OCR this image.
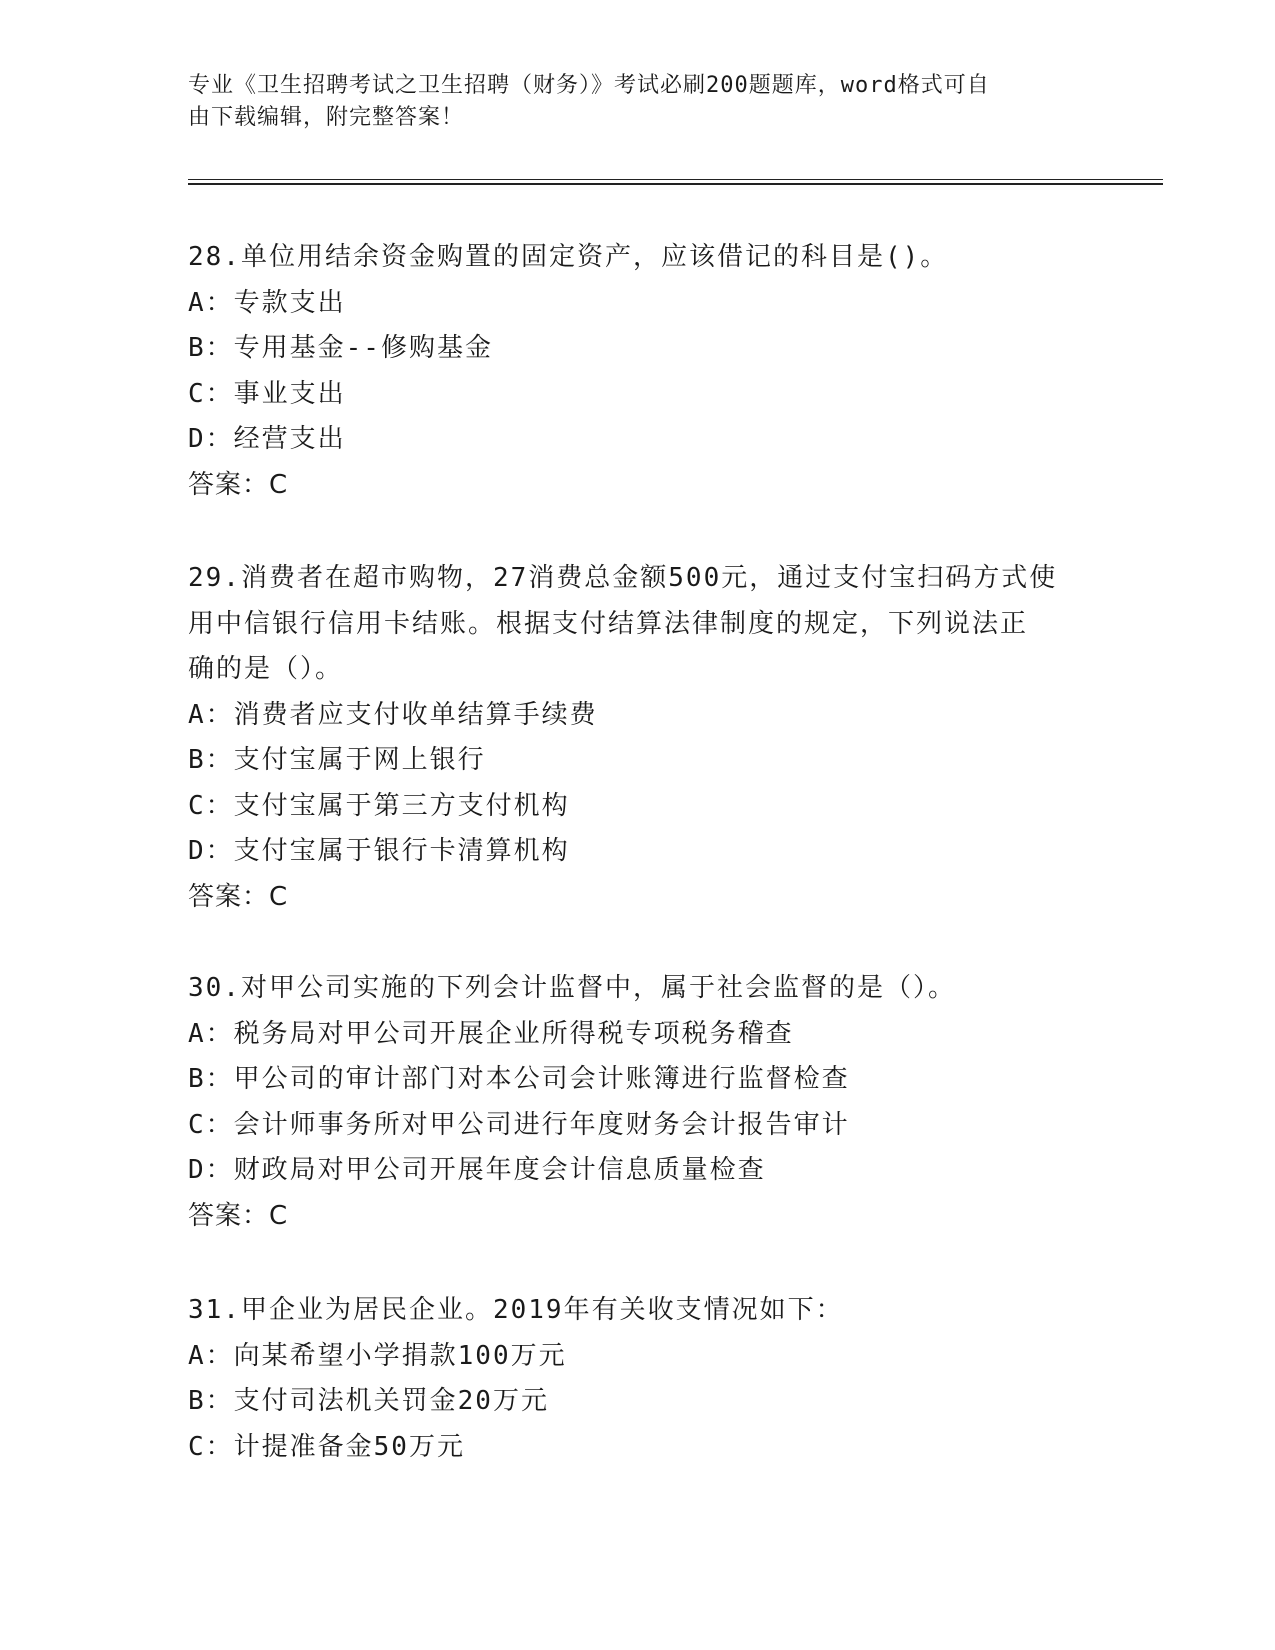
专业《卫生招聘考试之卫生招聘（财务）》考试必刷200题题库，word格式可自
由下载编辑，附完整答案！
28.单位用结余资金购置的固定资产，应该借记的科目是()。
A：专款支出
B：专用基金--修购基金
C：事业支出
D：经营支出
答案：C
29.消费者在超市购物，27消费总金额500元，通过支付宝扫码方式使
用中信银行信用卡结账。根据支付结算法律制度的规定，下列说法正
确的是（）。
A：消费者应支付收单结算手续费
B：支付宝属于网上银行
C：支付宝属于第三方支付机构
D：支付宝属于银行卡清算机构
答案：C
30.对甲公司实施的下列会计监督中，属于社会监督的是（）。
A：税务局对甲公司开展企业所得税专项税务稽查
B：甲公司的审计部门对本公司会计账簿进行监督检查
C：会计师事务所对甲公司进行年度财务会计报告审计
D：财政局对甲公司开展年度会计信息质量检查
答案：C
31.甲企业为居民企业。2019年有关收支情况如下：
A：向某希望小学捐款100万元
B：支付司法机关罚金20万元
C：计提准备金50万元
